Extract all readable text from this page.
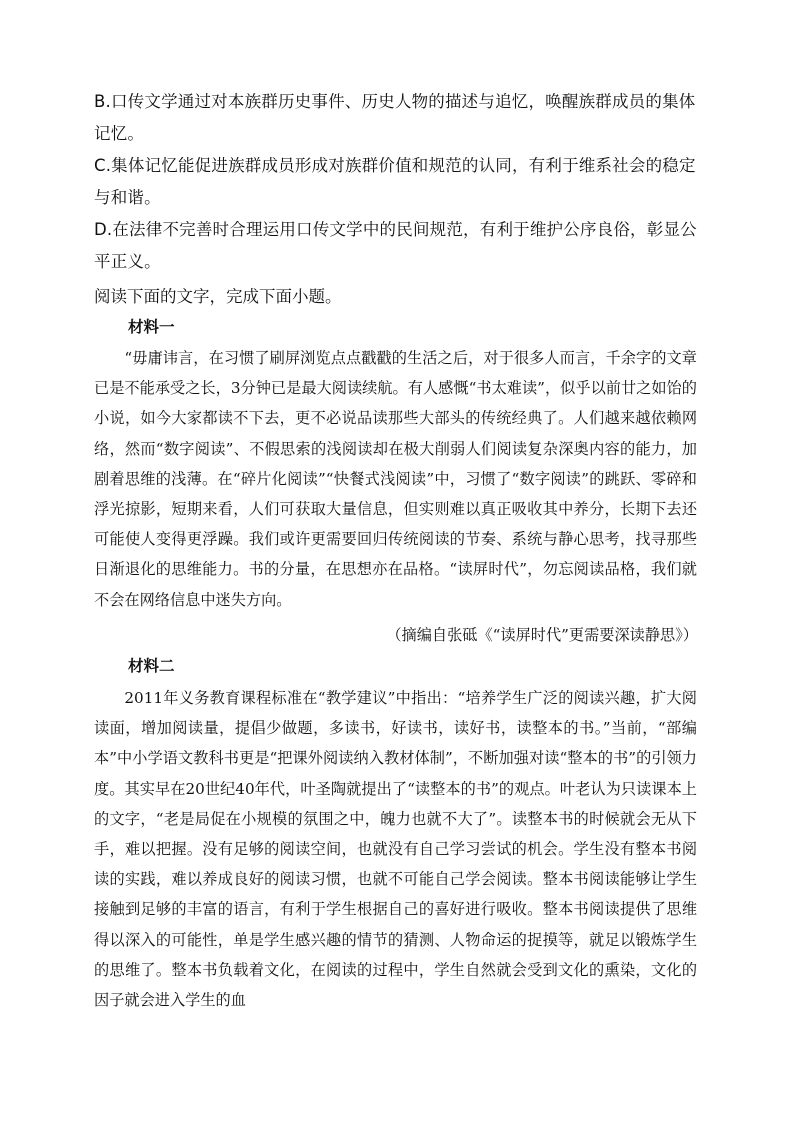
B.口传文学通过对本族群历史事件、历史人物的描述与追忆，唤醒族群成员的集体记忆。

C.集体记忆能促进族群成员形成对族群价值和规范的认同，有利于维系社会的稳定与和谐。

D.在法律不完善时合理运用口传文学中的民间规范，有利于维护公序良俗，彰显公平正义。

阅读下面的文字，完成下面小题。

材料一

“毋庸讳言，在习惯了刷屏浏览点点戳戳的生活之后，对于很多人而言，千余字的文章已是不能承受之长，3分钟已是最大阅读续航。有人感慨“书太难读”，似乎以前廿之如饴的小说，如今大家都读不下去，更不必说品读那些大部头的传统经典了。人们越来越依赖网络，然而“数字阅读”、不假思索的浅阅读却在极大削弱人们阅读复杂深奥内容的能力，加剧着思维的浅薄。在“碎片化阅读”“快餐式浅阅读”中，习惯了“数字阅读”的跳跃、零碎和浮光掠影，短期来看，人们可获取大量信息，但实则难以真正吸收其中养分，长期下去还可能使人变得更浮躁。我们或许更需要回归传统阅读的节奏、系统与静心思考，找寻那些日渐退化的思维能力。书的分量，在思想亦在品格。“读屏时代”，勿忘阅读品格，我们就不会在网络信息中迷失方向。

（摘编自张砥《“读屏时代”更需要深读静思》）

材料二

2011年义务教育课程标准在“教学建议”中指出：“培养学生广泛的阅读兴趣，扩大阅读面，增加阅读量，提倡少做题，多读书，好读书，读好书，读整本的书。”当前，“部编本”中小学语文教科书更是“把课外阅读纳入教材体制”，不断加强对读“整本的书”的引领力度。其实早在20世纪40年代，叶圣陶就提出了“读整本的书”的观点。叶老认为只读课本上的文字，“老是局促在小规模的氛围之中，魄力也就不大了”。读整本书的时候就会无从下手，难以把握。没有足够的阅读空间，也就没有自己学习尝试的机会。学生没有整本书阅读的实践，难以养成良好的阅读习惯，也就不可能自己学会阅读。整本书阅读能够让学生接触到足够的丰富的语言，有利于学生根据自己的喜好进行吸收。整本书阅读提供了思维得以深入的可能性，单是学生感兴趣的情节的猜测、人物命运的捉摸等，就足以锻炼学生的思维了。整本书负载着文化，在阅读的过程中，学生自然就会受到文化的熏染，文化的因子就会进入学生的血
